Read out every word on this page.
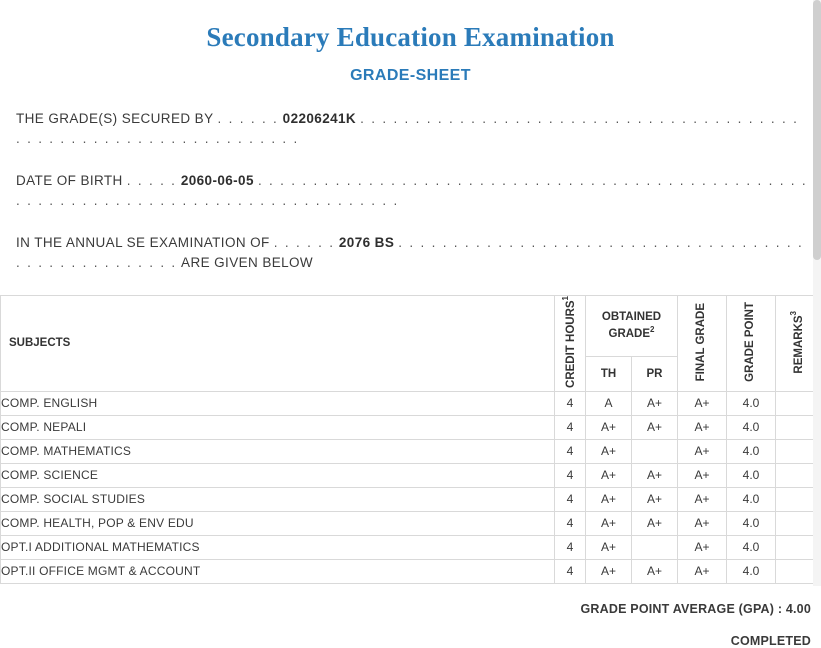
Secondary Education Examination
GRADE-SHEET
THE GRADE(S) SECURED BY . . . . . . 02206241K . . . . . . . . . . . . . . . . . . . . . . . . . . . . . . . . . . . . . . . . . . . . . . . . . . . . . . . . . . . . . . . . . .
DATE OF BIRTH . . . . . 2060-06-05 . . . . . . . . . . . . . . . . . . . . . . . . . . . . . . . . . . . . . . . . . . . . . . . . . . . . . . . . . . . . . . . . . . . . . . . . . . . . . . . . . . . . .
IN THE ANNUAL SE EXAMINATION OF . . . . . . 2076 BS . . . . . . . . . . . . . . . . . . . . . . . . . . . . . . . . . . . . . . . . . . . . . . . . . . . . ARE GIVEN BELOW
SUBJECTS	CREDIT HOURS$^1$	OBTAINED GRADE$^2$		FINAL GRADE	GRADE POINT	REMARKS$^3$
		TH	PR			
COMP. ENGLISH	4	A	A+	A+	4.0	
COMP. NEPALI	4	A+	A+	A+	4.0	
COMP. MATHEMATICS	4	A+		A+	4.0	
COMP. SCIENCE	4	A+	A+	A+	4.0	
COMP. SOCIAL STUDIES	4	A+	A+	A+	4.0	
COMP. HEALTH, POP & ENV EDU	4	A+	A+	A+	4.0	
OPT.I ADDITIONAL MATHEMATICS	4	A+		A+	4.0	
OPT.II OFFICE MGMT & ACCOUNT	4	A+	A+	A+	4.0	
GRADE POINT AVERAGE (GPA) : 4.00
COMPLETED
